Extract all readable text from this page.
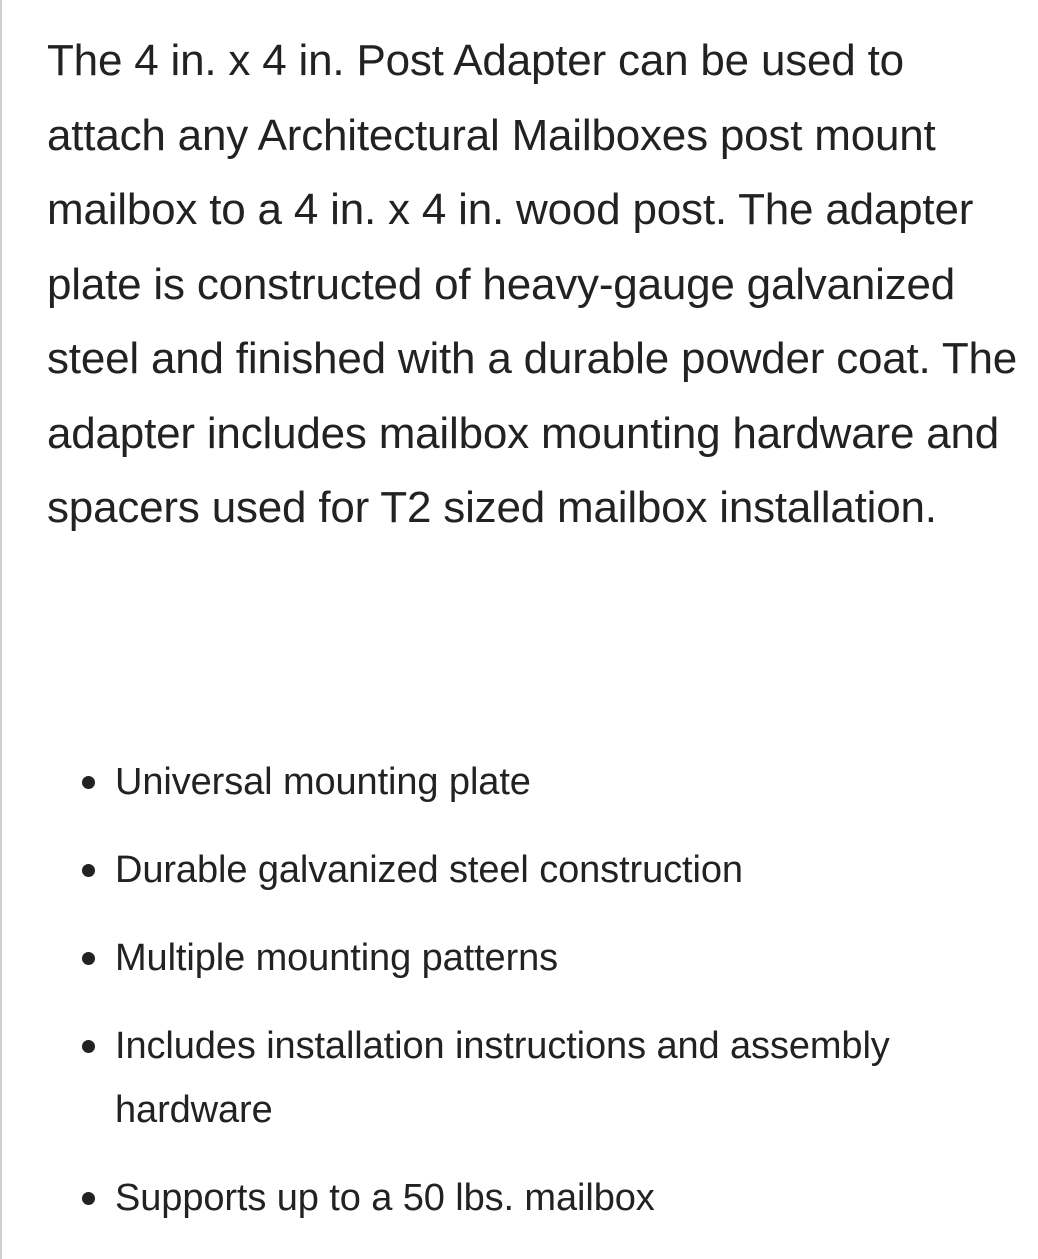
The 4 in. x 4 in. Post Adapter can be used to attach any Architectural Mailboxes post mount mailbox to a 4 in. x 4 in. wood post. The adapter plate is constructed of heavy-gauge galvanized steel and finished with a durable powder coat. The adapter includes mailbox mounting hardware and spacers used for T2 sized mailbox installation.

Universal mounting plate
Durable galvanized steel construction
Multiple mounting patterns
Includes installation instructions and assembly hardware
Supports up to a 50 lbs. mailbox
